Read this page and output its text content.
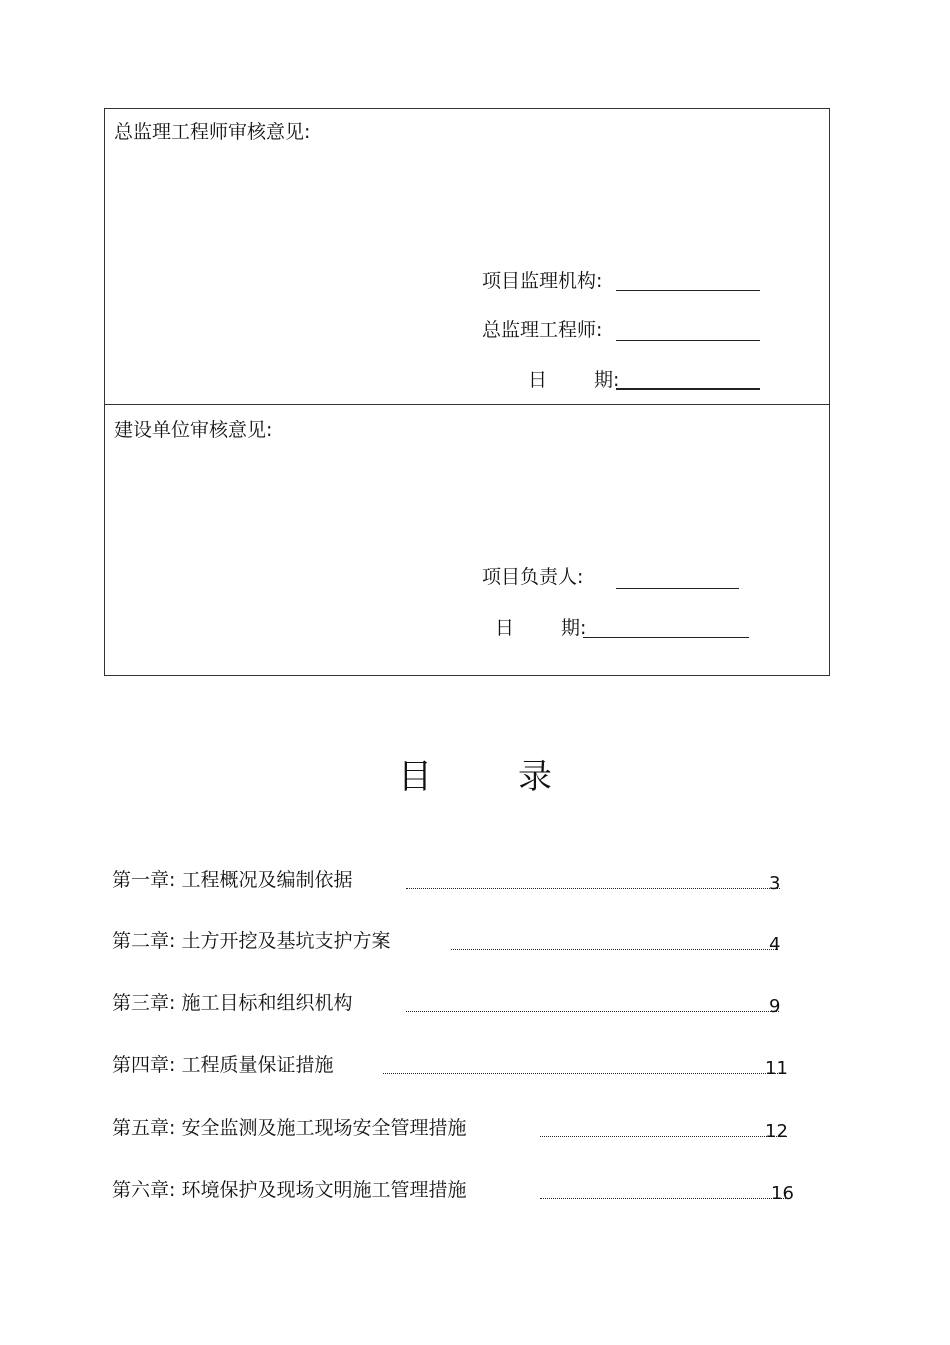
总监理工程师审核意见:
项目监理机构:
总监理工程师:
日 期:
建设单位审核意见:
项目负责人:
日 期:
目	录
第一章: 工程概况及编制依据	3
第二章: 土方开挖及基坑支护方案	4
第三章: 施工目标和组织机构	9
第四章: 工程质量保证措施	11
第五章: 安全监测及施工现场安全管理措施	12
第六章: 环境保护及现场文明施工管理措施	16
